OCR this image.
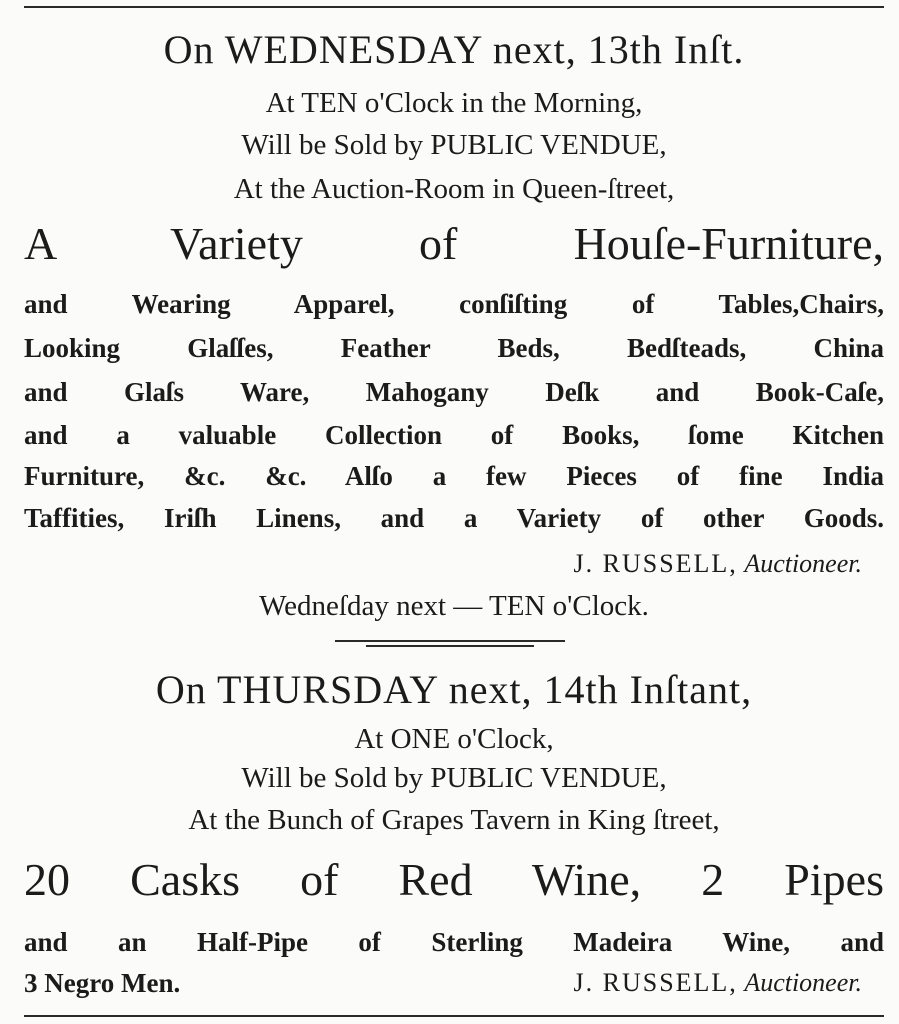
On WEDNESDAY next, 13th Inſt.
At TEN o'Clock in the Morning,
Will be Sold by PUBLIC VENDUE,
At the Auction-Room in Queen-ſtreet,
A Variety of Houſe-Furniture,
and Wearing Apparel, conſiſting of Tables,Chairs,
Looking Glaſſes, Feather Beds, Bedſteads, China
and Glaſs Ware, Mahogany Deſk and Book-Caſe,
and a valuable Collection of Books, ſome Kitchen
Furniture, &c. &c. Alſo a few Pieces of fine India
Taffities, Iriſh Linens, and a Variety of other Goods.
J. RUSSELL, Auctioneer.
Wedneſday next — TEN o'Clock.
On THURSDAY next, 14th Inſtant,
At ONE o'Clock,
Will be Sold by PUBLIC VENDUE,
At the Bunch of Grapes Tavern in King ſtreet,
20 Casks of Red Wine, 2 Pipes
and an Half-Pipe of Sterling Madeira Wine, and
3 Negro Men.	J. RUSSELL, Auctioneer.
